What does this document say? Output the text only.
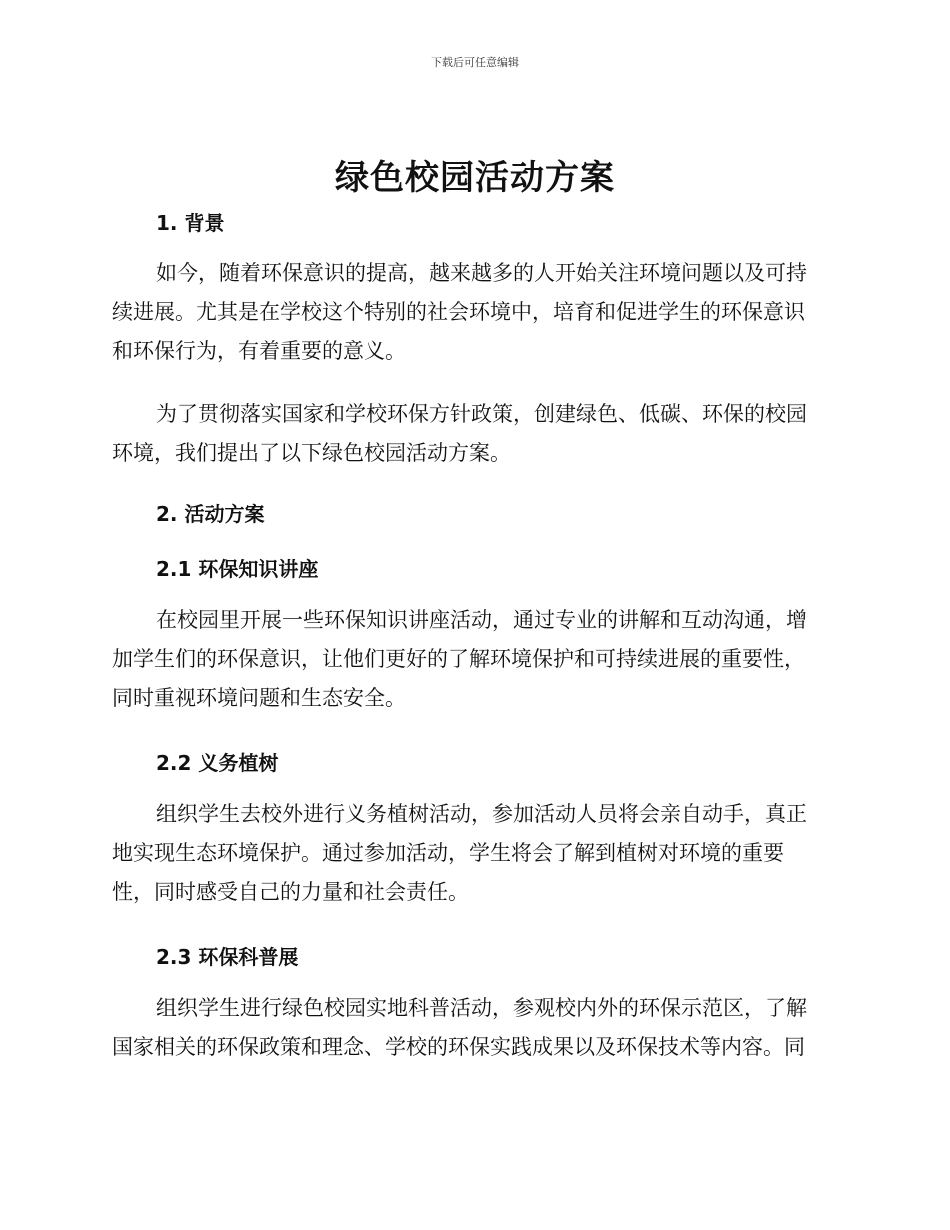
下载后可任意编辑
绿色校园活动方案
1. 背景

如今，随着环保意识的提高，越来越多的人开始关注环境问题以及可持
续进展。尤其是在学校这个特别的社会环境中，培育和促进学生的环保意识
和环保行为，有着重要的意义。

为了贯彻落实国家和学校环保方针政策，创建绿色、低碳、环保的校园
环境，我们提出了以下绿色校园活动方案。

2. 活动方案
2.1 环保知识讲座

在校园里开展一些环保知识讲座活动，通过专业的讲解和互动沟通，增
加学生们的环保意识，让他们更好的了解环境保护和可持续进展的重要性，
同时重视环境问题和生态安全。

2.2 义务植树

组织学生去校外进行义务植树活动，参加活动人员将会亲自动手，真正
地实现生态环境保护。通过参加活动，学生将会了解到植树对环境的重要
性，同时感受自己的力量和社会责任。

2.3 环保科普展

组织学生进行绿色校园实地科普活动，参观校内外的环保示范区，了解
国家相关的环保政策和理念、学校的环保实践成果以及环保技术等内容。同
